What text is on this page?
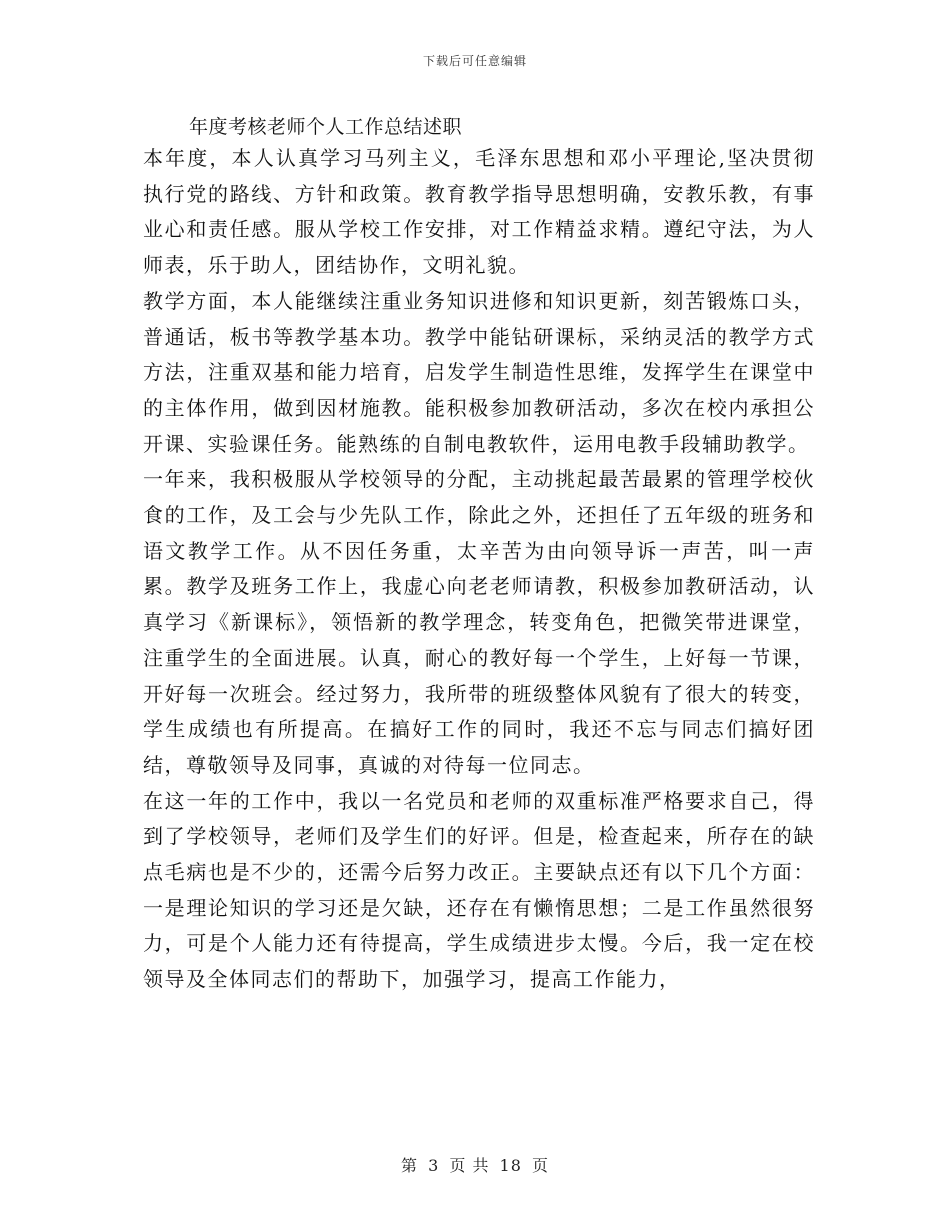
下载后可任意编辑
年度考核老师个人工作总结述职

本年度，本人认真学习马列主义，毛泽东思想和邓小平理论,坚决贯彻执行党的路线、方针和政策。教育教学指导思想明确，安教乐教，有事业心和责任感。服从学校工作安排，对工作精益求精。遵纪守法，为人师表，乐于助人，团结协作，文明礼貌。

教学方面，本人能继续注重业务知识进修和知识更新，刻苦锻炼口头，普通话，板书等教学基本功。教学中能钻研课标，采纳灵活的教学方式方法，注重双基和能力培育，启发学生制造性思维，发挥学生在课堂中的主体作用，做到因材施教。能积极参加教研活动，多次在校内承担公开课、实验课任务。能熟练的自制电教软件，运用电教手段辅助教学。

一年来，我积极服从学校领导的分配，主动挑起最苦最累的管理学校伙食的工作，及工会与少先队工作，除此之外，还担任了五年级的班务和语文教学工作。从不因任务重，太辛苦为由向领导诉一声苦，叫一声累。教学及班务工作上，我虚心向老老师请教，积极参加教研活动，认真学习《新课标》，领悟新的教学理念，转变角色，把微笑带进课堂，注重学生的全面进展。认真，耐心的教好每一个学生，上好每一节课，开好每一次班会。经过努力，我所带的班级整体风貌有了很大的转变，学生成绩也有所提高。在搞好工作的同时，我还不忘与同志们搞好团结，尊敬领导及同事，真诚的对待每一位同志。

在这一年的工作中，我以一名党员和老师的双重标准严格要求自己，得到了学校领导，老师们及学生们的好评。但是，检查起来，所存在的缺点毛病也是不少的，还需今后努力改正。主要缺点还有以下几个方面：一是理论知识的学习还是欠缺，还存在有懒惰思想；二是工作虽然很努力，可是个人能力还有待提高，学生成绩进步太慢。今后，我一定在校领导及全体同志们的帮助下，加强学习，提高工作能力，

第 3 页 共 18 页
